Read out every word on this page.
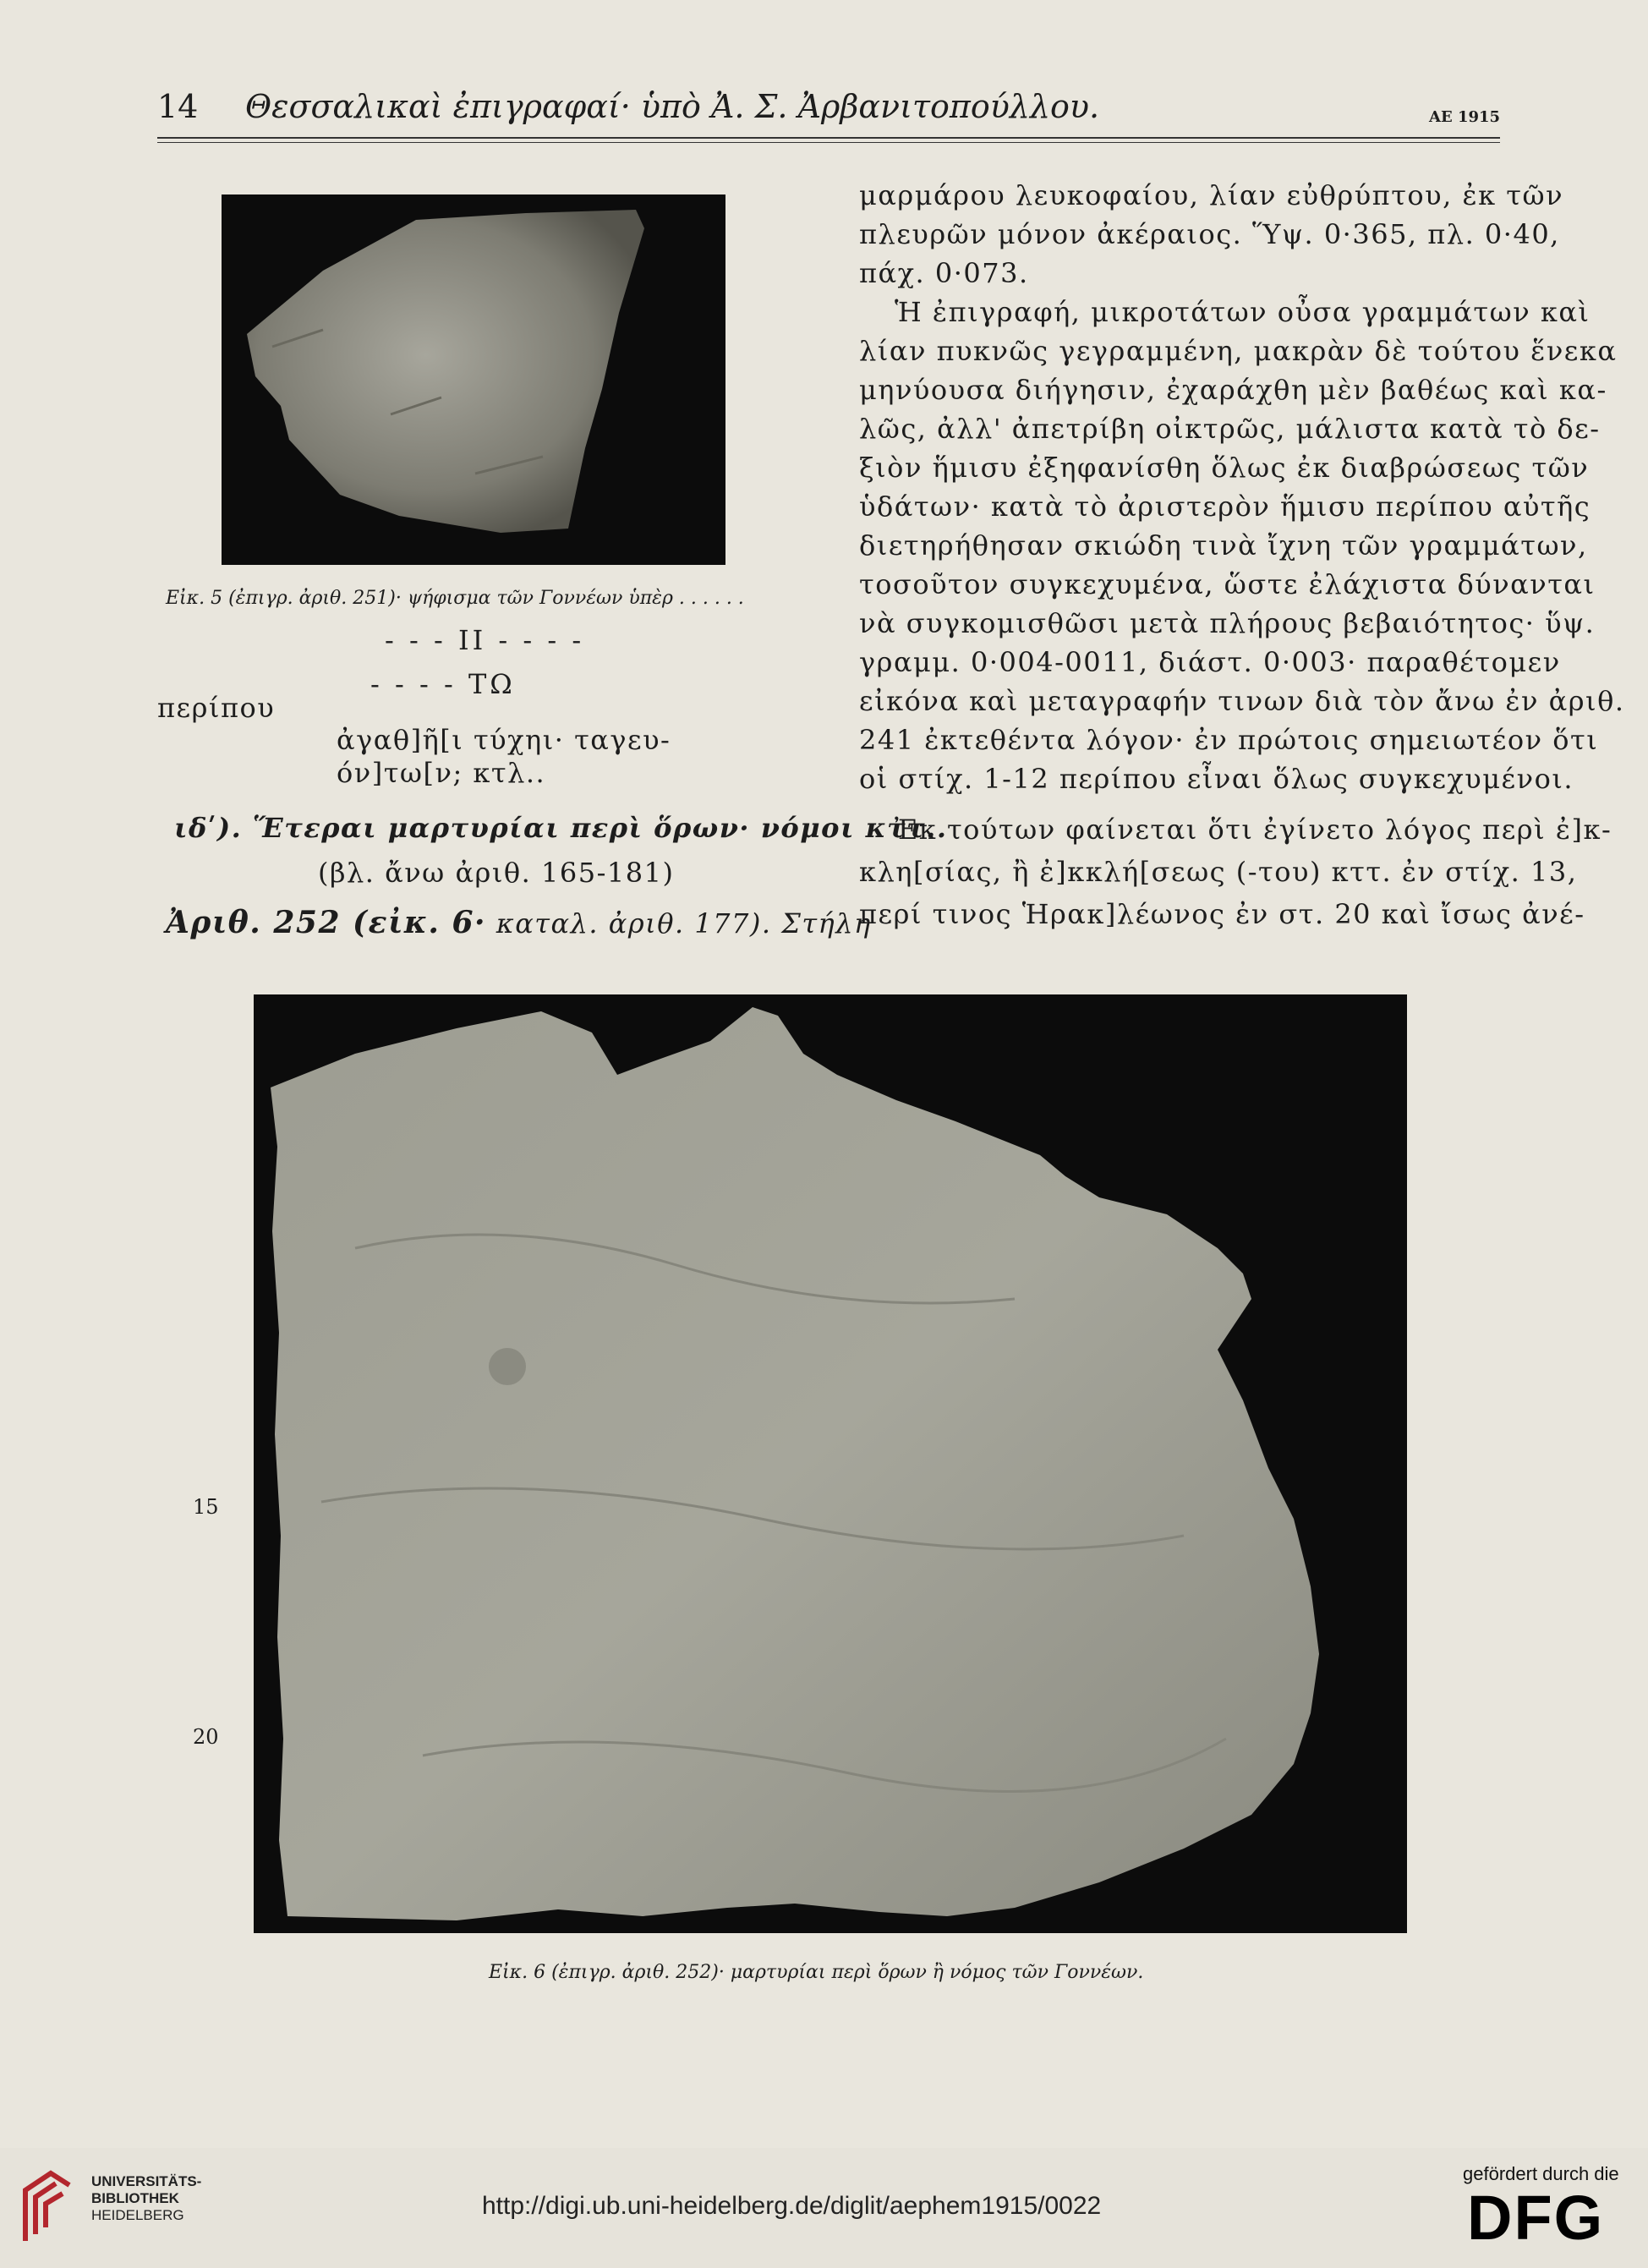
14 Θεσσαλικαὶ ἐπιγραφαί· ὑπὸ Ἀ. Σ. Ἀρβανιτοπούλλου.	ΑΕ 1915
Εἰκ. 5 (ἐπιγρ. ἀριθ. 251)· ψήφισμα τῶν Γοννέων ὑπὲρ . . . . . .
- - - ΙΙ - - - -
- - - - ΤΩ
περίπου
ἀγαθ]ῆ[ι τύχηι· ταγευ-
όν]τω[ν; κτλ..
ιδʹ). Ἕτεραι μαρτυρίαι περὶ ὅρων· νόμοι κττ..
(βλ. ἄνω ἀριθ. 165-181)
Ἀριθ. 252 (εἰκ. 6· καταλ. ἀριθ. 177). Στήλη
μαρμάρου λευκοφαίου, λίαν εὐθρύπτου, ἐκ τῶν
πλευρῶν μόνον ἀκέραιος. Ὕψ. 0·365, πλ. 0·40,
πάχ. 0·073.
Ἡ ἐπιγραφή, μικροτάτων οὖσα γραμμάτων καὶ
λίαν πυκνῶς γεγραμμένη, μακρὰν δὲ τούτου ἕνεκα
μηνύουσα διήγησιν, ἐχαράχθη μὲν βαθέως καὶ κα-
λῶς, ἀλλ' ἀπετρίβη οἰκτρῶς, μάλιστα κατὰ τὸ δε-
ξιὸν ἥμισυ ἐξηφανίσθη ὅλως ἐκ διαβρώσεως τῶν
ὑδάτων· κατὰ τὸ ἀριστερὸν ἥμισυ περίπου αὐτῆς
διετηρήθησαν σκιώδη τινὰ ἴχνη τῶν γραμμάτων,
τοσοῦτον συγκεχυμένα, ὥστε ἐλάχιστα δύνανται
νὰ συγκομισθῶσι μετὰ πλήρους βεβαιότητος· ὕψ.
γραμμ. 0·004-0011, διάστ. 0·003· παραθέτομεν
εἰκόνα καὶ μεταγραφήν τινων διὰ τὸν ἄνω ἐν ἀριθ.
241 ἐκτεθέντα λόγον· ἐν πρώτοις σημειωτέον ὅτι
οἱ στίχ. 1-12 περίπου εἶναι ὅλως συγκεχυμένοι.
Ἐκ τούτων φαίνεται ὅτι ἐγίνετο λόγος περὶ ἐ]κ-
κλη[σίας, ἢ ἐ]κκλή[σεως (-του) κττ. ἐν στίχ. 13,
περί τινος Ἡρακ]λέωνος ἐν στ. 20 καὶ ἴσως ἀνέ-
15
20
Εἰκ. 6 (ἐπιγρ. ἀριθ. 252)· μαρτυρίαι περὶ ὅρων ἢ νόμος τῶν Γοννέων.
UNIVERSITÄTS-
BIBLIOTHEK
HEIDELBERG	http://digi.ub.uni-heidelberg.de/diglit/aephem1915/0022
gefördert durch die
DFG
